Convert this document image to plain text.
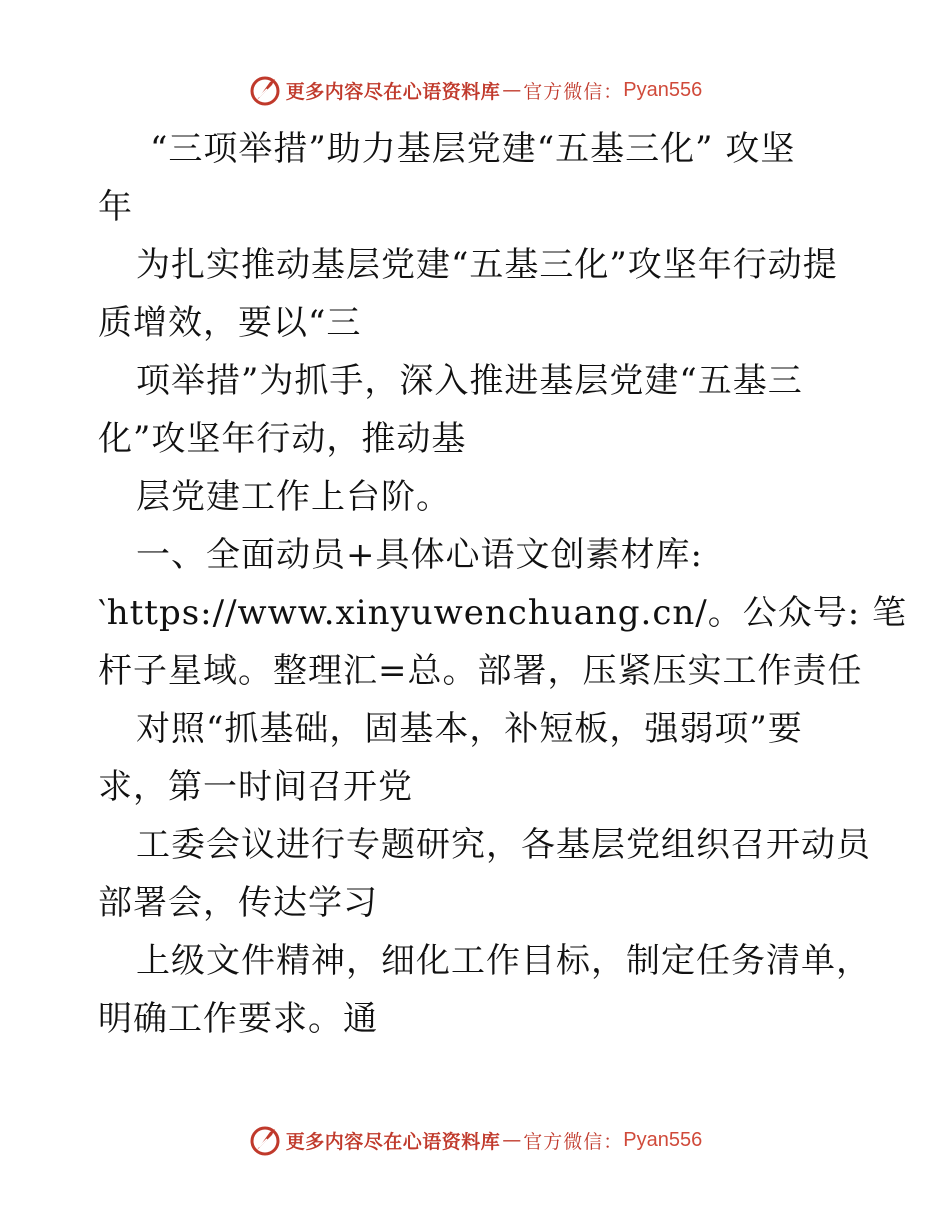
更多内容尽在心语资料库 — 官方微信： Pyan556
“三项举措”助力基层党建“五基三化” 攻坚
年
为扎实推动基层党建“五基三化”攻坚年行动提
质增效，要以“三
项举措”为抓手，深入推进基层党建“五基三
化”攻坚年行动，推动基
层党建工作上台阶。
一、全面动员+具体心语文创素材库:
‵https://www.xinyuwenchuang.cn/。公众号: 笔
杆子星域。整理汇=总。部署，压紧压实工作责任
对照“抓基础，固基本，补短板，强弱项”要
求，第一时间召开党
工委会议进行专题研究，各基层党组织召开动员
部署会，传达学习
上级文件精神，细化工作目标，制定任务清单，
明确工作要求。通
更多内容尽在心语资料库 — 官方微信： Pyan556
